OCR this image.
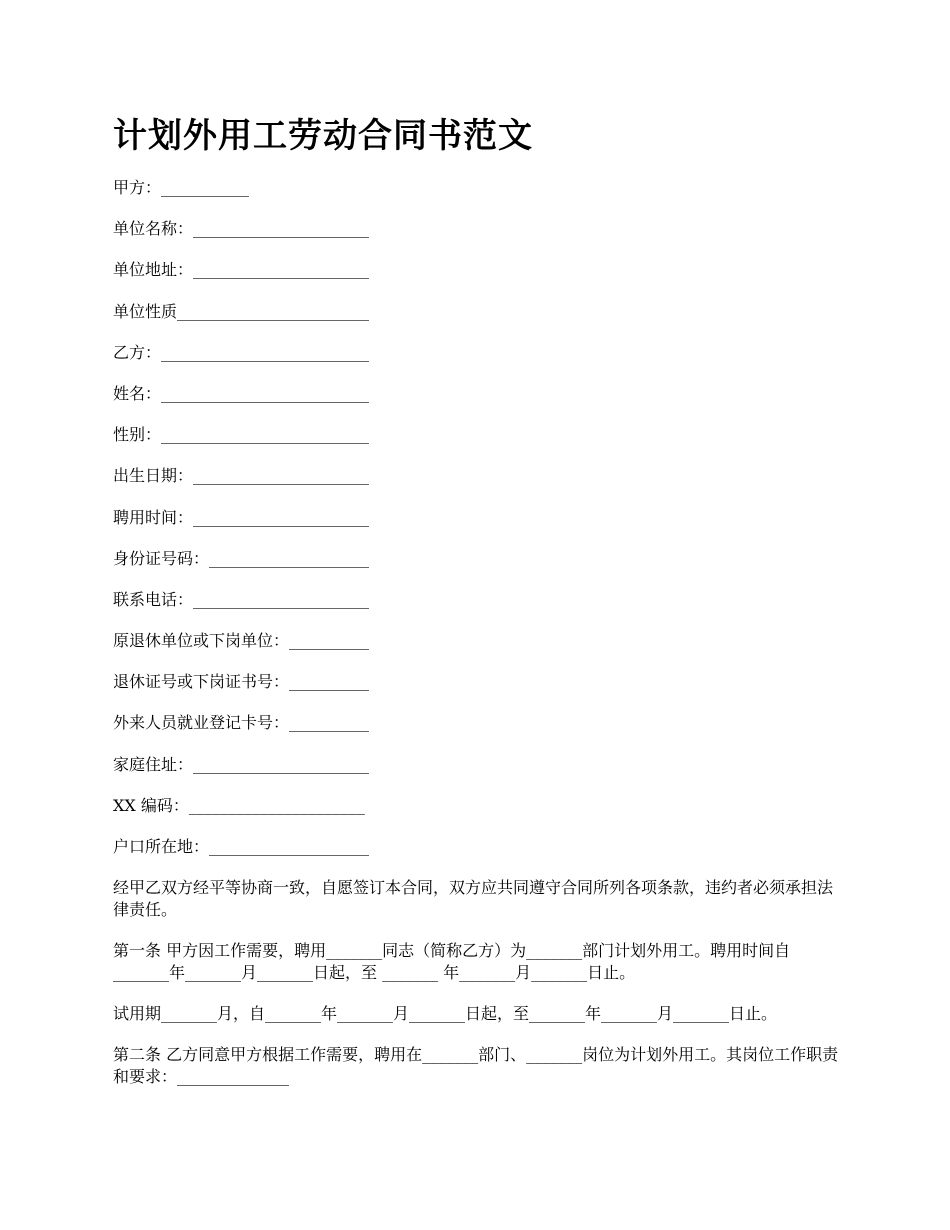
计划外用工劳动合同书范文
甲方：___________
单位名称：______________________
单位地址：______________________
单位性质________________________
乙方：__________________________
姓名：__________________________
性别：__________________________
出生日期：______________________
聘用时间：______________________
身份证号码：____________________
联系电话：______________________
原退休单位或下岗单位：__________
退休证号或下岗证书号：__________
外来人员就业登记卡号：__________
家庭住址：______________________
XX 编码：______________________
户口所在地：____________________

经甲乙双方经平等协商一致，自愿签订本合同，双方应共同遵守合同所列各项条款，违约者必须承担法律责任。

第一条 甲方因工作需要，聘用_______同志（简称乙方）为_______部门计划外用工。聘用时间自_______年_______月_______日起，至 _______ 年_______月_______日止。

试用期_______月，自_______年_______月_______日起，至_______年_______月_______日止。

第二条 乙方同意甲方根据工作需要，聘用在_______部门、_______岗位为计划外用工。其岗位工作职责和要求：______________
